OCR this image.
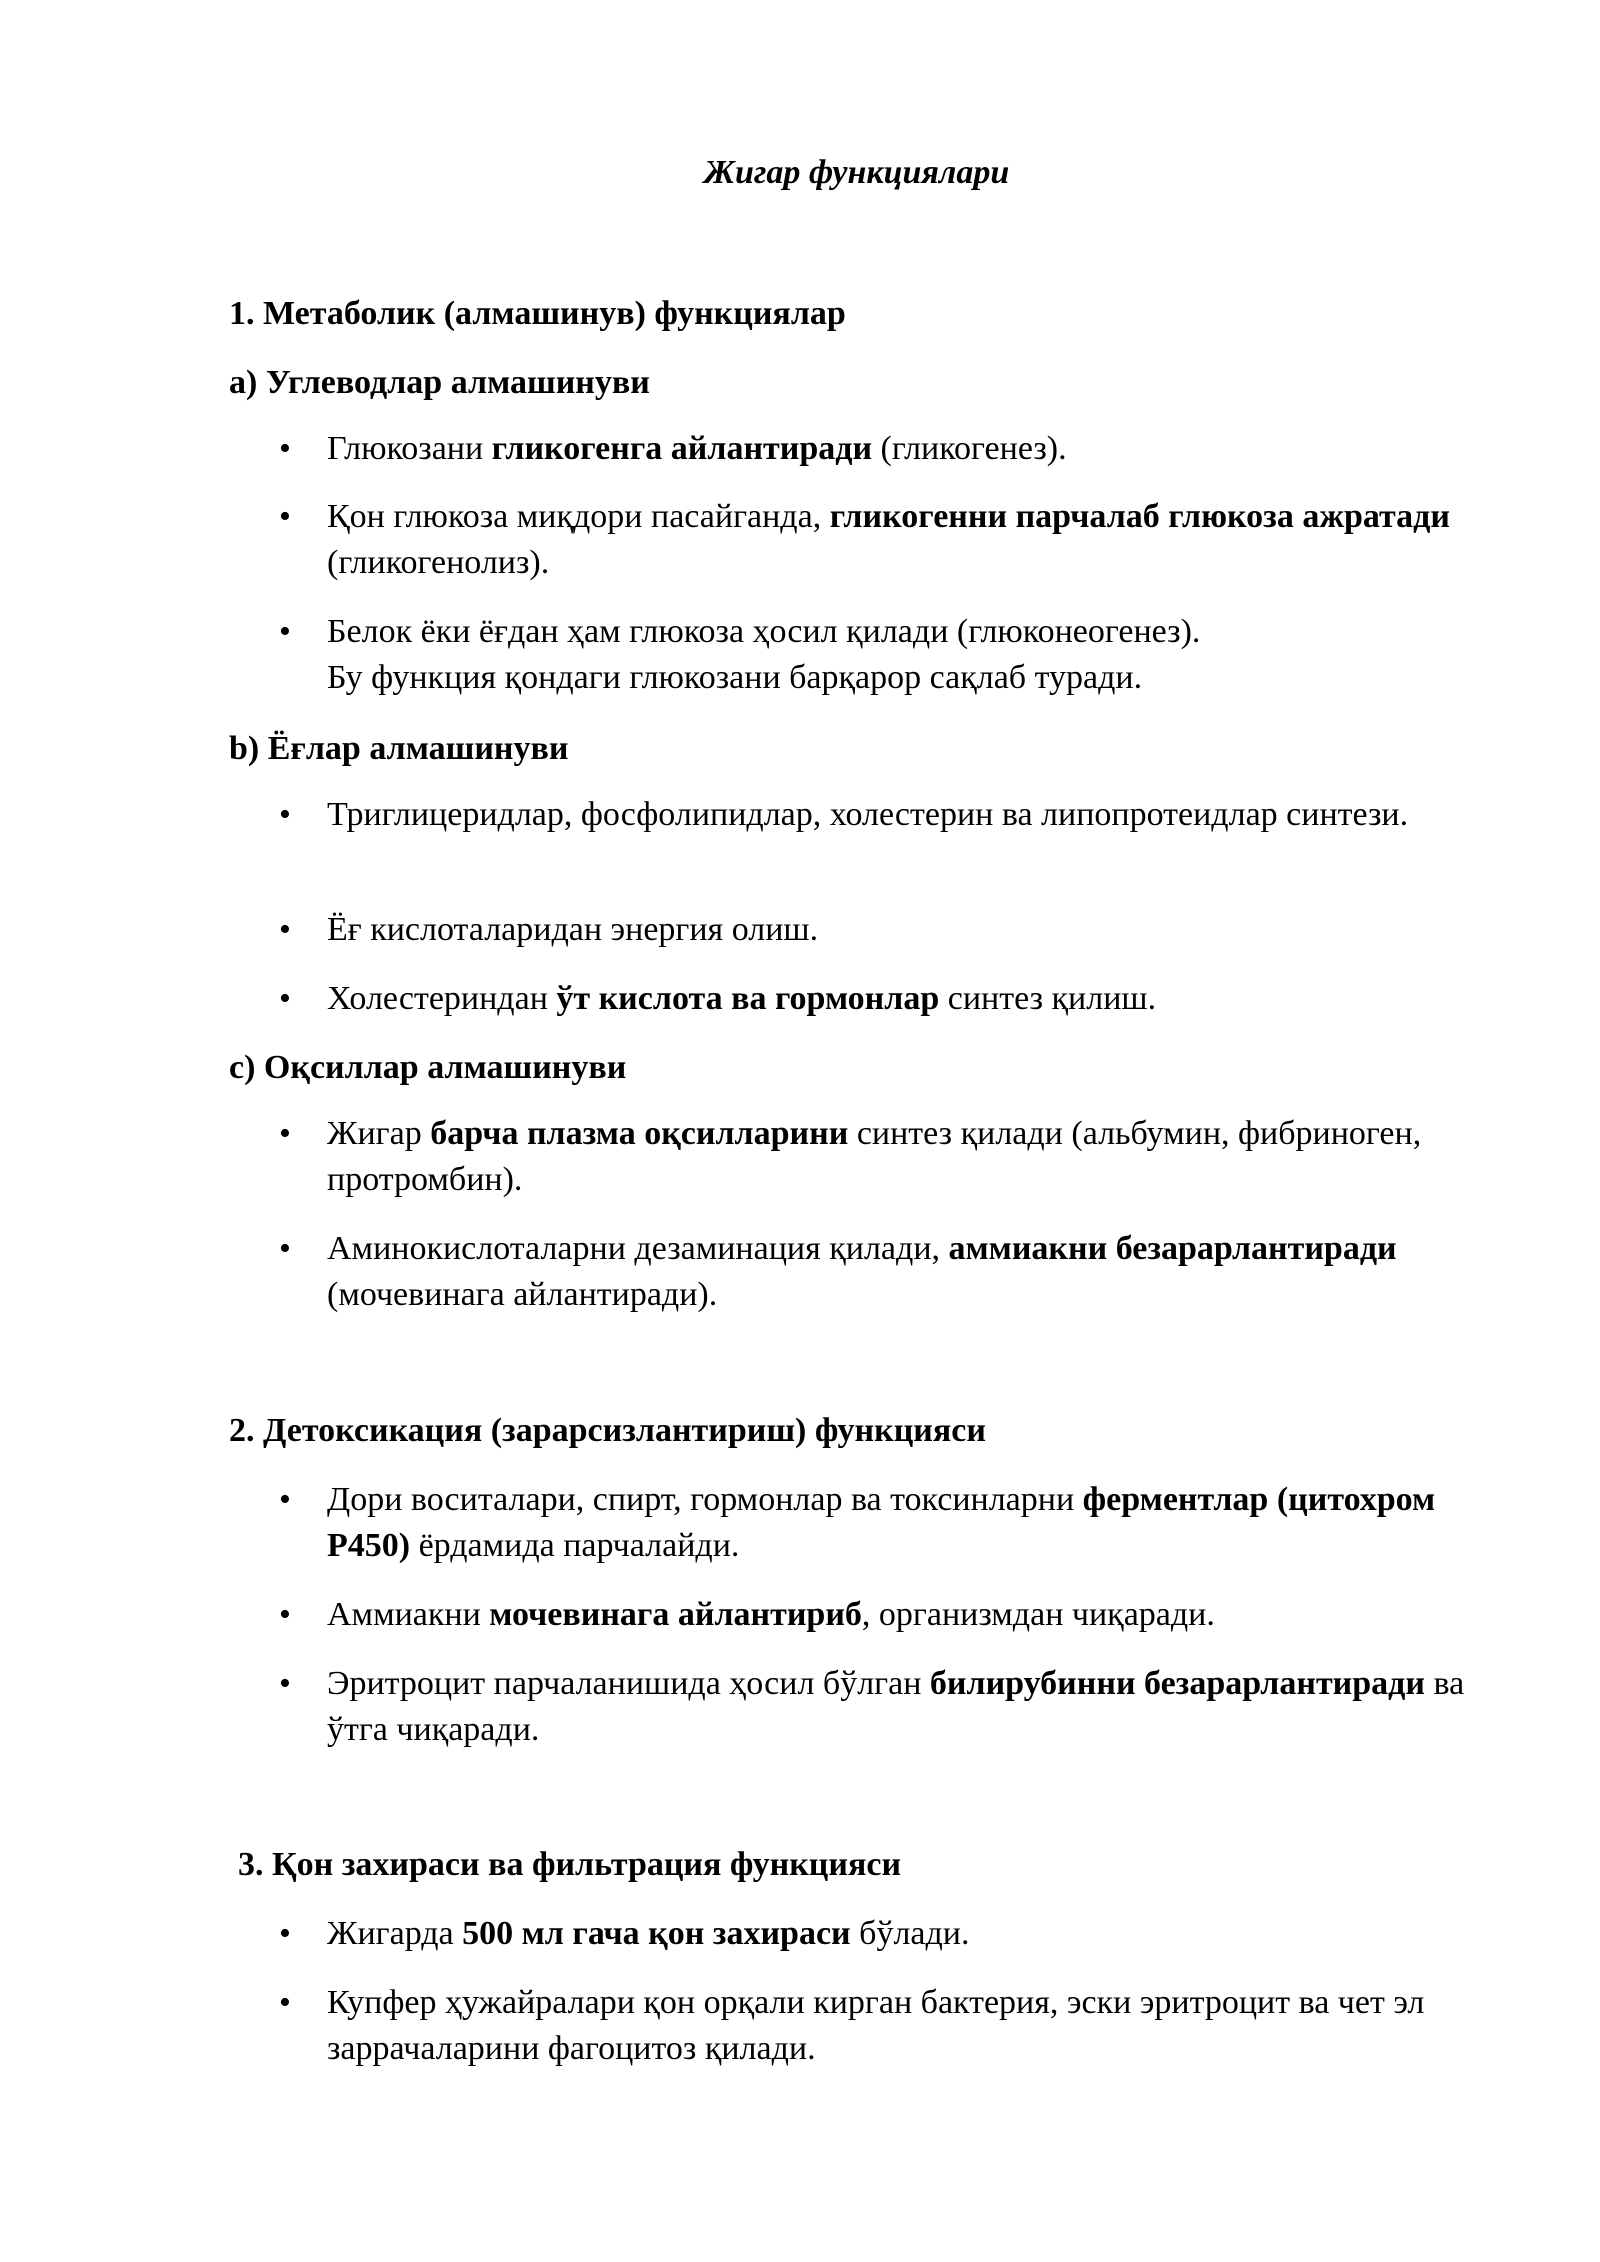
Жигар функциялари
1. Метаболик (алмашинув) функциялар
a) Углеводлар алмашинуви
• Глюкозани гликогенга айлантиради (гликогенез).

• Қон глюкоза миқдори пасайганда, гликогенни парчалаб глюкоза ажратади (гликогенолиз).

• Белок ёки ёғдан ҳам глюкоза ҳосил қилади (глюконеогенез).

Бу функция қондаги глюкозани барқарор сақлаб туради.

b) Ёғлар алмашинуви
• Триглицеридлар, фосфолипидлар, холестерин ва липопротеидлар синтези.

• Ёғ кислоталаридан энергия олиш.

• Холестериндан ўт кислота ва гормонлар синтез қилиш.

c) Оқсиллар алмашинуви
• Жигар барча плазма оқсилларини синтез қилади (альбумин, фибриноген, протромбин).

• Аминокислоталарни дезаминация қилади, аммиакни безарарлантиради (мочевинага айлантиради).

2. Детоксикация (зарарсизлантириш) функцияси
• Дори воситалари, спирт, гормонлар ва токсинларни ферментлар (цитохром P450) ёрдамида парчалайди.

• Аммиакни мочевинага айлантириб, организмдан чиқаради.

• Эритроцит парчаланишида ҳосил бўлган билирубинни безарарлантиради ва ўтга чиқаради.

3. Қон захираси ва фильтрация функцияси
• Жигарда 500 мл гача қон захираси бўлади.

• Купфер ҳужайралари қон орқали кирган бактерия, эски эритроцит ва чет эл заррачаларини фагоцитоз қилади.
